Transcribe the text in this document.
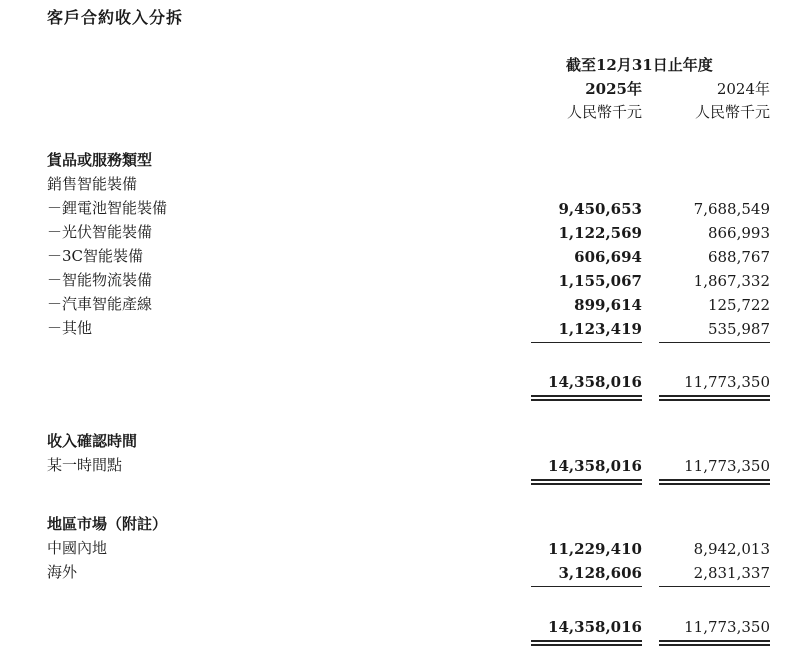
客戶合約收入分拆
截至12月31日止年度
2025年	2024年
人民幣千元	人民幣千元
貨品或服務類型
銷售智能裝備
－鋰電池智能裝備	9,450,653	7,688,549
－光伏智能裝備	1,122,569	866,993
－3C智能裝備	606,694	688,767
－智能物流裝備	1,155,067	1,867,332
－汽車智能產線	899,614	125,722
－其他	1,123,419	535,987
14,358,016	11,773,350
收入確認時間
某一時間點	14,358,016	11,773,350
地區市場（附註）
中國內地	11,229,410	8,942,013
海外	3,128,606	2,831,337
14,358,016	11,773,350
